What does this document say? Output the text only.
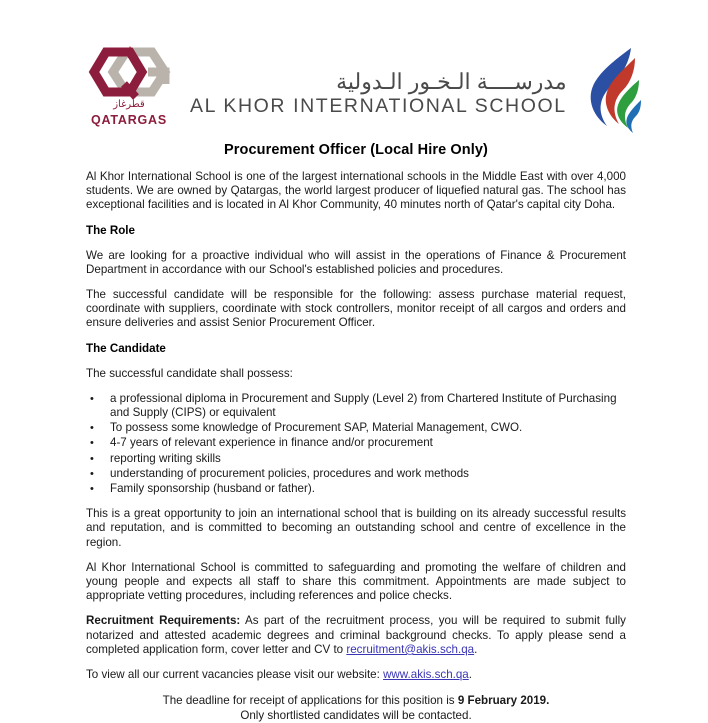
قطرغاز
QATARGAS
مدرســــة الـخـور الـدولية
AL KHOR INTERNATIONAL SCHOOL
Procurement Officer (Local Hire Only)

Al Khor International School is one of the largest international schools in the Middle East with over 4,000 students. We are owned by Qatargas, the world largest producer of liquefied natural gas. The school has exceptional facilities and is located in Al Khor Community, 40 minutes north of Qatar's capital city Doha.

The Role

We are looking for a proactive individual who will assist in the operations of Finance & Procurement Department in accordance with our School's established policies and procedures.

The successful candidate will be responsible for the following: assess purchase material request, coordinate with suppliers, coordinate with stock controllers, monitor receipt of all cargos and orders and ensure deliveries and assist Senior Procurement Officer.

The Candidate

The successful candidate shall possess:

• a professional diploma in Procurement and Supply (Level 2) from Chartered Institute of Purchasing and Supply (CIPS) or equivalent
• To possess some knowledge of Procurement SAP, Material Management, CWO.
• 4-7 years of relevant experience in finance and/or procurement
• reporting writing skills
• understanding of procurement policies, procedures and work methods
• Family sponsorship (husband or father).

This is a great opportunity to join an international school that is building on its already successful results and reputation, and is committed to becoming an outstanding school and centre of excellence in the region.

Al Khor International School is committed to safeguarding and promoting the welfare of children and young people and expects all staff to share this commitment. Appointments are made subject to appropriate vetting procedures, including references and police checks.

Recruitment Requirements: As part of the recruitment process, you will be required to submit fully notarized and attested academic degrees and criminal background checks. To apply please send a completed application form, cover letter and CV to recruitment@akis.sch.qa.

To view all our current vacancies please visit our website: www.akis.sch.qa.

The deadline for receipt of applications for this position is 9 February 2019.
Only shortlisted candidates will be contacted.
